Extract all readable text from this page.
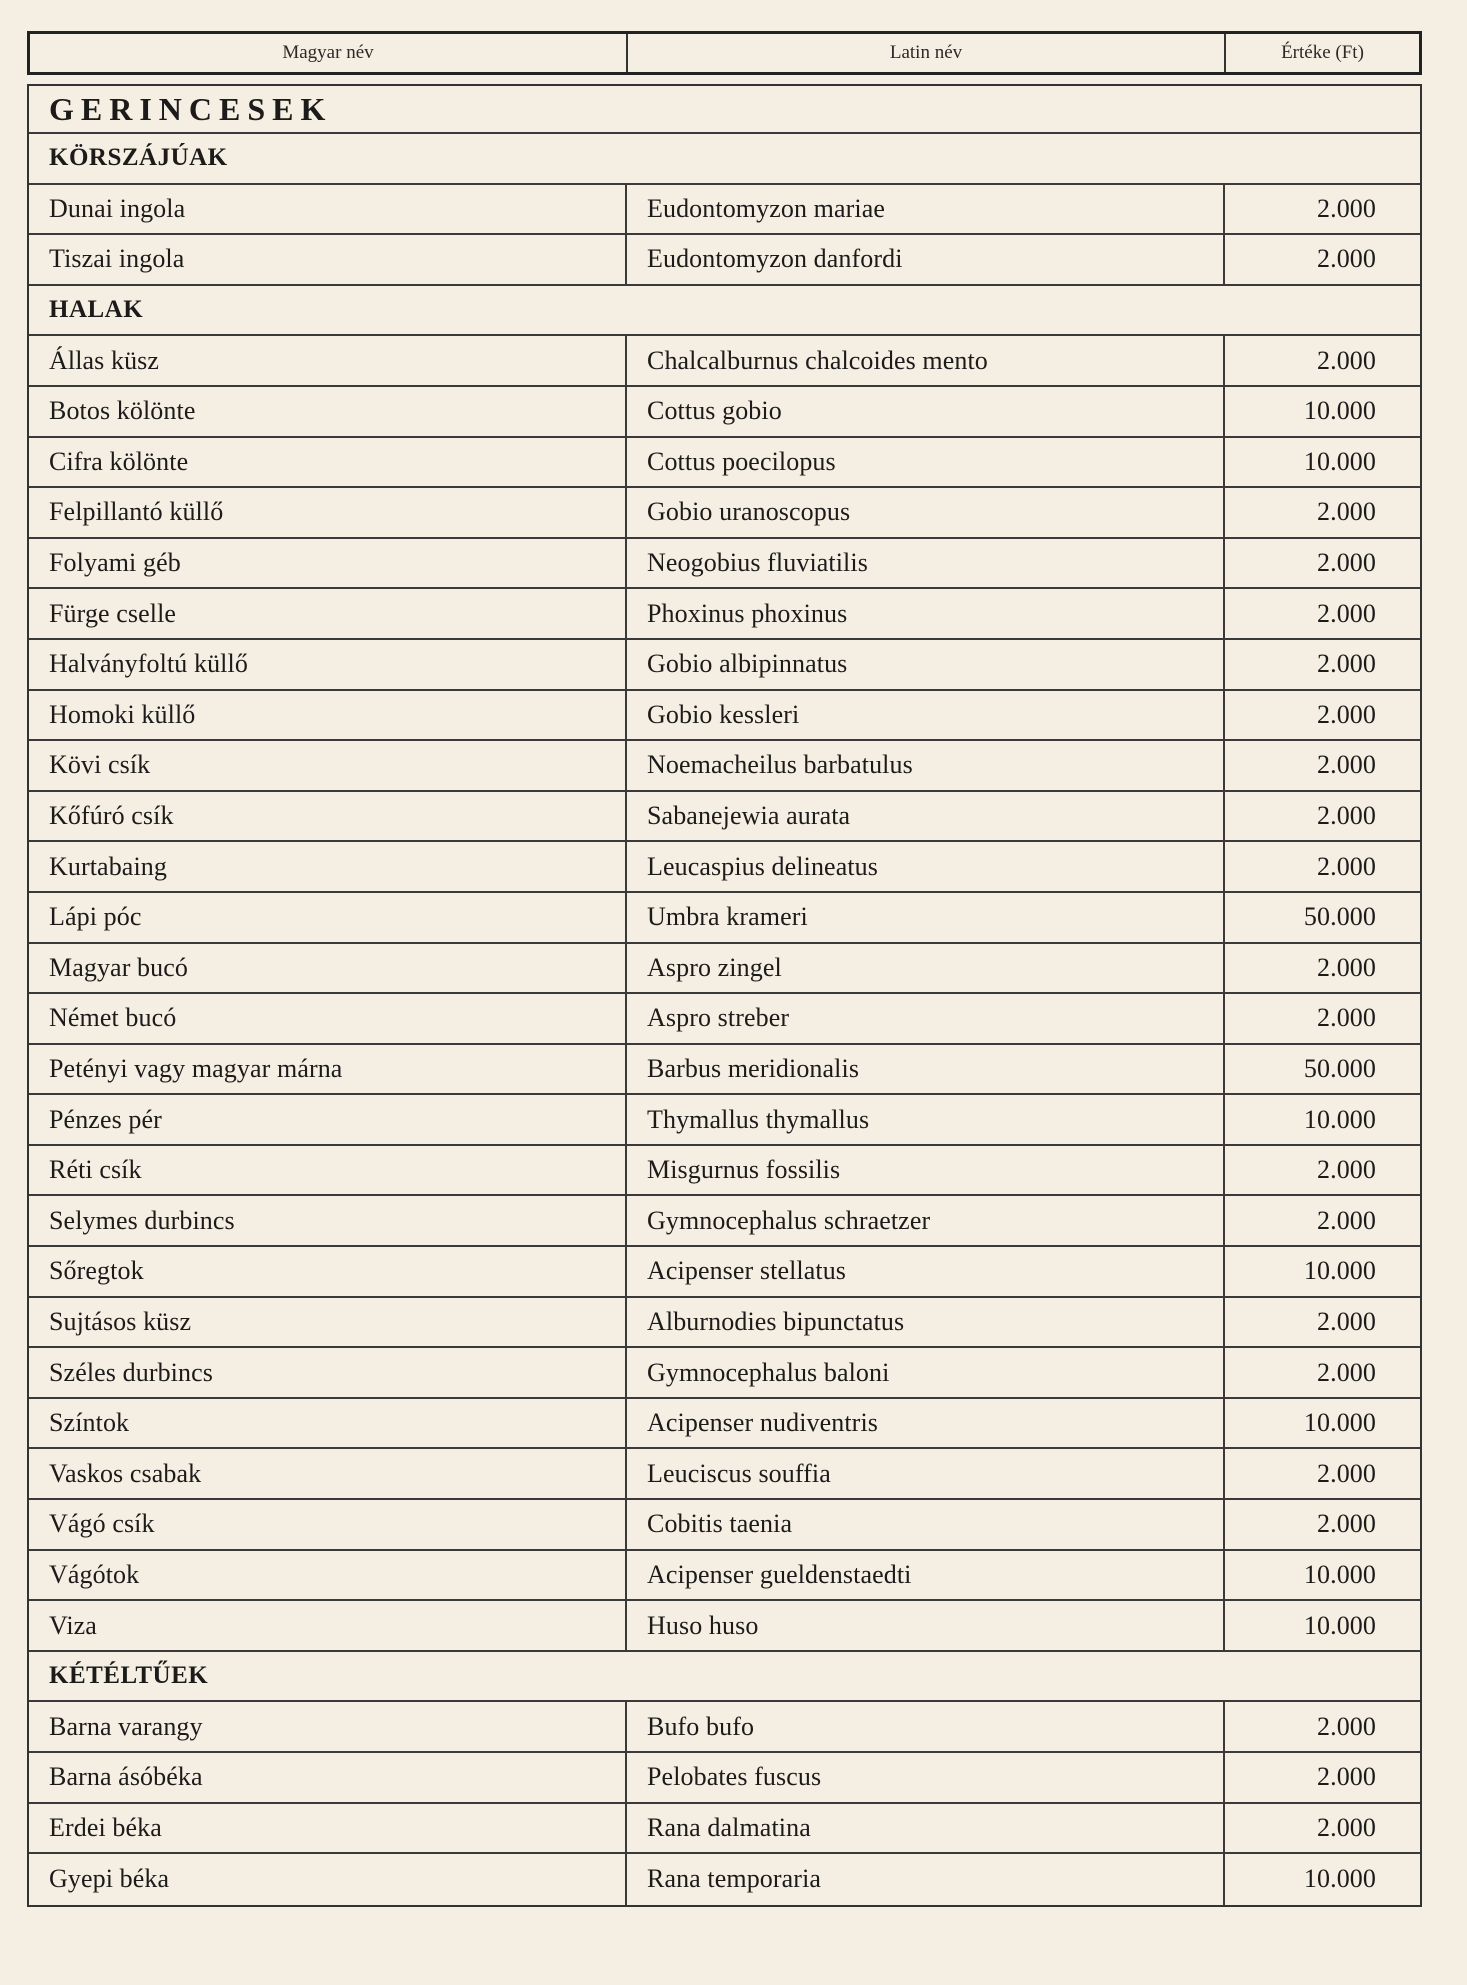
Magyar név	Latin név	Értéke (Ft)
GERINCESEK
KÖRSZÁJÚAK
Dunai ingola	Eudontomyzon mariae	2.000
Tiszai ingola	Eudontomyzon danfordi	2.000
HALAK
Állas küsz	Chalcalburnus chalcoides mento	2.000
Botos kölönte	Cottus gobio	10.000
Cifra kölönte	Cottus poecilopus	10.000
Felpillantó küllő	Gobio uranoscopus	2.000
Folyami géb	Neogobius fluviatilis	2.000
Fürge cselle	Phoxinus phoxinus	2.000
Halványfoltú küllő	Gobio albipinnatus	2.000
Homoki küllő	Gobio kessleri	2.000
Kövi csík	Noemacheilus barbatulus	2.000
Kőfúró csík	Sabanejewia aurata	2.000
Kurtabaing	Leucaspius delineatus	2.000
Lápi póc	Umbra krameri	50.000
Magyar bucó	Aspro zingel	2.000
Német bucó	Aspro streber	2.000
Petényi vagy magyar márna	Barbus meridionalis	50.000
Pénzes pér	Thymallus thymallus	10.000
Réti csík	Misgurnus fossilis	2.000
Selymes durbincs	Gymnocephalus schraetzer	2.000
Sőregtok	Acipenser stellatus	10.000
Sujtásos küsz	Alburnodies bipunctatus	2.000
Széles durbincs	Gymnocephalus baloni	2.000
Színtok	Acipenser nudiventris	10.000
Vaskos csabak	Leuciscus souffia	2.000
Vágó csík	Cobitis taenia	2.000
Vágótok	Acipenser gueldenstaedti	10.000
Viza	Huso huso	10.000
KÉTÉLTŰEK
Barna varangy	Bufo bufo	2.000
Barna ásóbéka	Pelobates fuscus	2.000
Erdei béka	Rana dalmatina	2.000
Gyepi béka	Rana temporaria	10.000
